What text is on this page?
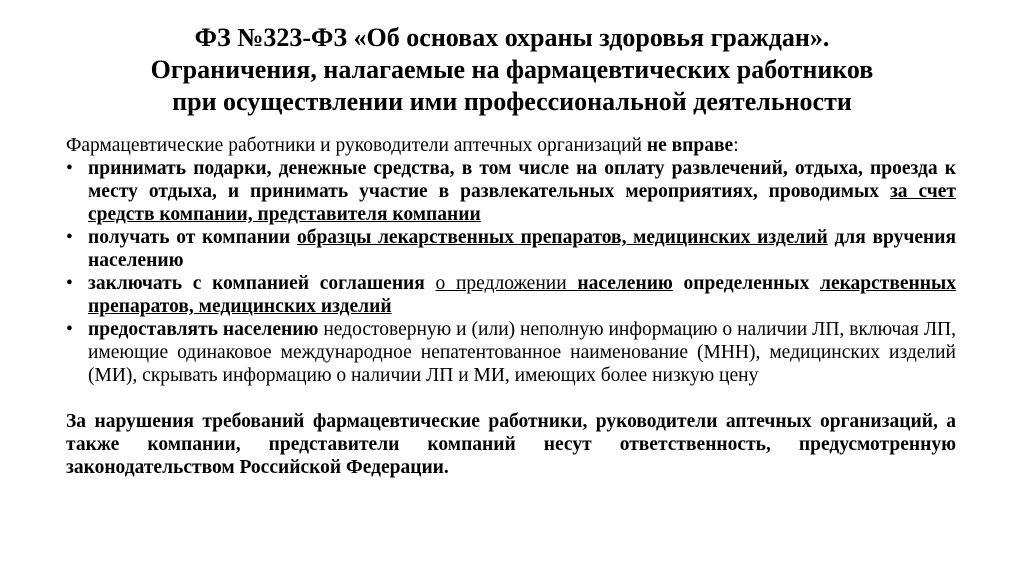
ФЗ №323-ФЗ «Об основах охраны здоровья граждан».
Ограничения, налагаемые на фармацевтических работников
при осуществлении ими профессиональной деятельности
Фармацевтические работники и руководители аптечных организаций не вправе:
• принимать подарки, денежные средства, в том числе на оплату развлечений, отдыха, проезда к месту отдыха, и принимать участие в развлекательных мероприятиях, проводимых за счет средств компании, представителя компании
• получать от компании образцы лекарственных препаратов, медицинских изделий для вручения населению
• заключать с компанией соглашения о предложении населению определенных лекарственных препаратов, медицинских изделий
• предоставлять населению недостоверную и (или) неполную информацию о наличии ЛП, включая ЛП, имеющие одинаковое международное непатентованное наименование (МНН), медицинских изделий (МИ), скрывать информацию о наличии ЛП и МИ, имеющих более низкую цену
За нарушения требований фармацевтические работники, руководители аптечных организаций, а также компании, представители компаний несут ответственность, предусмотренную законодательством Российской Федерации.
